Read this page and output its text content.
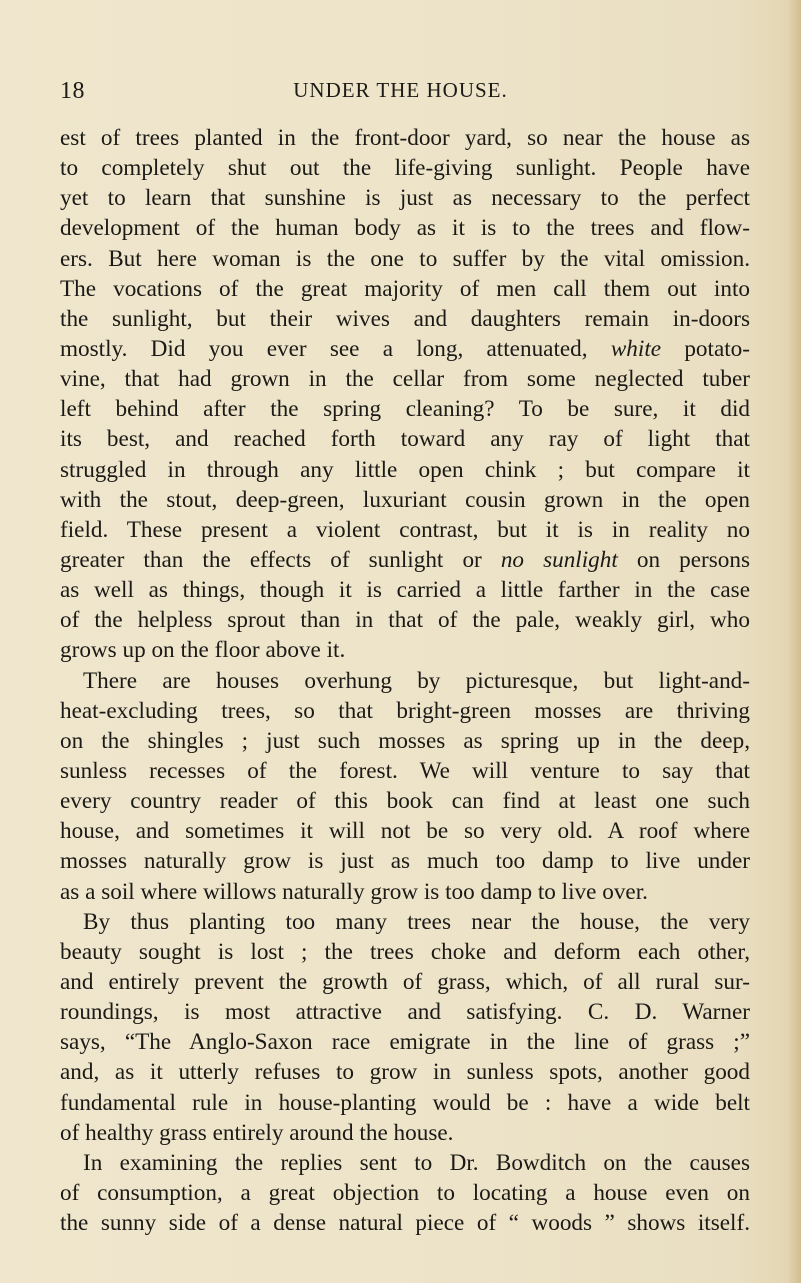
18	UNDER THE HOUSE.
est of trees planted in the front-door yard, so near the house as
to completely shut out the life-giving sunlight. People have
yet to learn that sunshine is just as necessary to the perfect
development of the human body as it is to the trees and flow-
ers. But here woman is the one to suffer by the vital omission.
The vocations of the great majority of men call them out into
the sunlight, but their wives and daughters remain in-doors
mostly. Did you ever see a long, attenuated, white potato-
vine, that had grown in the cellar from some neglected tuber
left behind after the spring cleaning? To be sure, it did
its best, and reached forth toward any ray of light that
struggled in through any little open chink ; but compare it
with the stout, deep-green, luxuriant cousin grown in the open
field. These present a violent contrast, but it is in reality no
greater than the effects of sunlight or no sunlight on persons
as well as things, though it is carried a little farther in the case
of the helpless sprout than in that of the pale, weakly girl, who
grows up on the floor above it.
There are houses overhung by picturesque, but light-and-
heat-excluding trees, so that bright-green mosses are thriving
on the shingles ; just such mosses as spring up in the deep,
sunless recesses of the forest. We will venture to say that
every country reader of this book can find at least one such
house, and sometimes it will not be so very old. A roof where
mosses naturally grow is just as much too damp to live under
as a soil where willows naturally grow is too damp to live over.
By thus planting too many trees near the house, the very
beauty sought is lost ; the trees choke and deform each other,
and entirely prevent the growth of grass, which, of all rural sur-
roundings, is most attractive and satisfying. C. D. Warner
says, “The Anglo-Saxon race emigrate in the line of grass ;”
and, as it utterly refuses to grow in sunless spots, another good
fundamental rule in house-planting would be : have a wide belt
of healthy grass entirely around the house.
In examining the replies sent to Dr. Bowditch on the causes
of consumption, a great objection to locating a house even on
the sunny side of a dense natural piece of “ woods ” shows itself.
